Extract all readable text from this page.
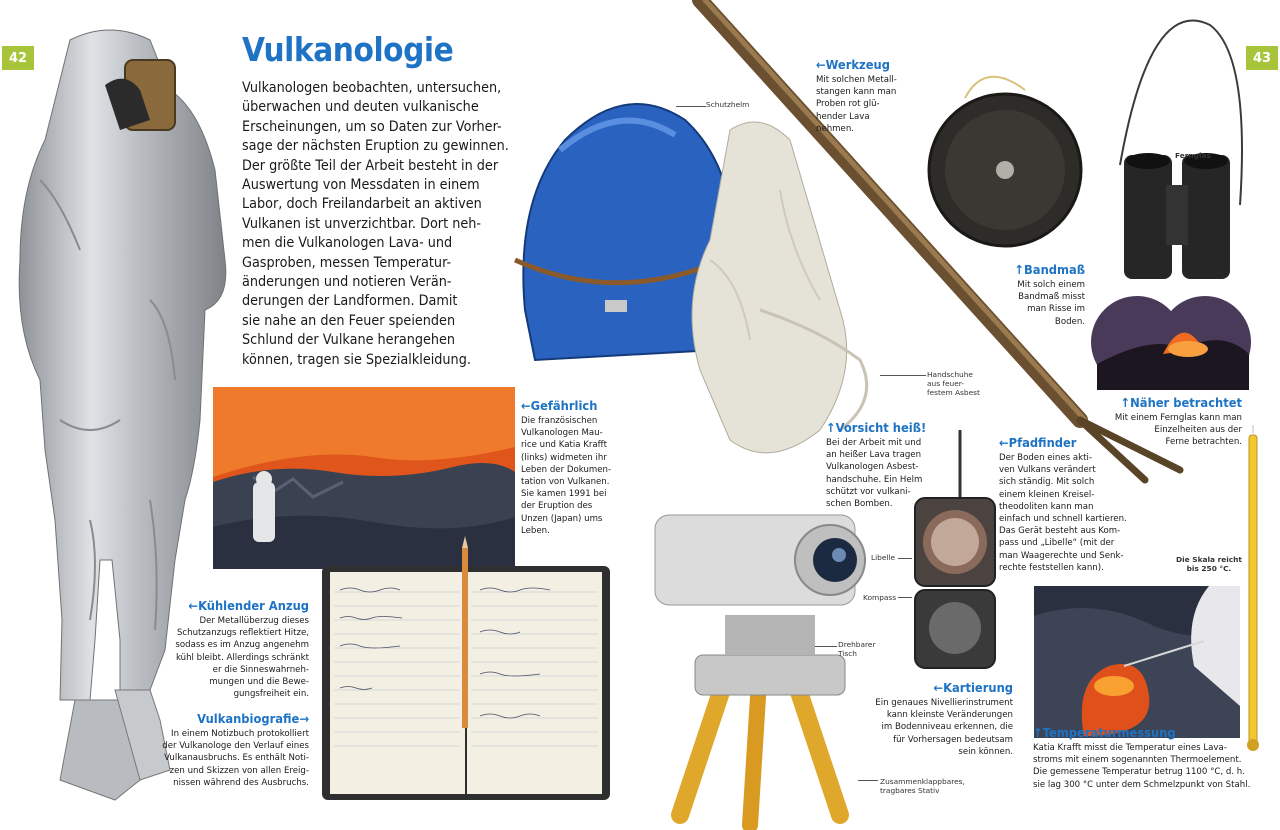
42	43
Vulkanologie

Vulkanologen beobachten, untersuchen,
überwachen und deuten vulkanische
Erscheinungen, um so Daten zur Vorher-
sage der nächsten Eruption zu gewinnen.
Der größte Teil der Arbeit besteht in der
Auswertung von Messdaten in einem
Labor, doch Freilandarbeit an aktiven
Vulkanen ist unverzichtbar. Dort neh-
men die Vulkanologen Lava- und
Gasproben, messen Temperatur-
änderungen und notieren Verän-
derungen der Landformen. Damit
sie nahe an den Feuer speienden
Schlund der Vulkane herangehen
können, tragen sie Spezialkleidung.

←Kühlender Anzug
Der Metallüberzug dieses
Schutzanzugs reflektiert Hitze,
sodass es im Anzug angenehm
kühl bleibt. Allerdings schränkt
er die Sinneswahrneh-
mungen und die Bewe-
gungsfreiheit ein.
Vulkanbiografie→
In einem Notizbuch protokolliert
der Vulkanologe den Verlauf eines
Vulkanausbruchs. Es enthält Noti-
zen und Skizzen von allen Ereig-
nissen während des Ausbruchs.
←Gefährlich
Die französischen
Vulkanologen Mau-
rice und Katia Krafft
(links) widmeten ihr
Leben der Dokumen-
tation von Vulkanen.
Sie kamen 1991 bei
der Eruption des
Unzen (Japan) ums
Leben.
←Werkzeug
Mit solchen Metall-
stangen kann man
Proben rot glü-
hender Lava
nehmen.
↑Bandmaß
Mit solch einem
Bandmaß misst
man Risse im
Boden.
↑Näher betrachtet
Mit einem Fernglas kann man
Einzelheiten aus der
Ferne betrachten.
↑Vorsicht heiß!
Bei der Arbeit mit und
an heißer Lava tragen
Vulkanologen Asbest-
handschuhe. Ein Helm
schützt vor vulkani-
schen Bomben.
←Pfadfinder
Der Boden eines akti-
ven Vulkans verändert
sich ständig. Mit solch
einem kleinen Kreisel-
theodoliten kann man
einfach und schnell kartieren.
Das Gerät besteht aus Kom-
pass und „Libelle“ (mit der
man Waagerechte und Senk-
rechte feststellen kann).
←Kartierung
Ein genaues Nivellierinstrument
kann kleinste Veränderungen
im Bodenniveau erkennen, die
für Vorhersagen bedeutsam
sein können.
↑Temperaturmessung
Katia Krafft misst die Temperatur eines Lava-
stroms mit einem sogenannten Thermoelement.
Die gemessene Temperatur betrug 1100 °C, d. h.
sie lag 300 °C unter dem Schmelzpunkt von Stahl.
Schutzhelm
Handschuhe
aus feuer-
festem Asbest
Fernglas
Libelle
Kompass
Drehbarer
Tisch
Zusammenklappbares,
tragbares Stativ
Die Skala reicht
bis 250 °C.
